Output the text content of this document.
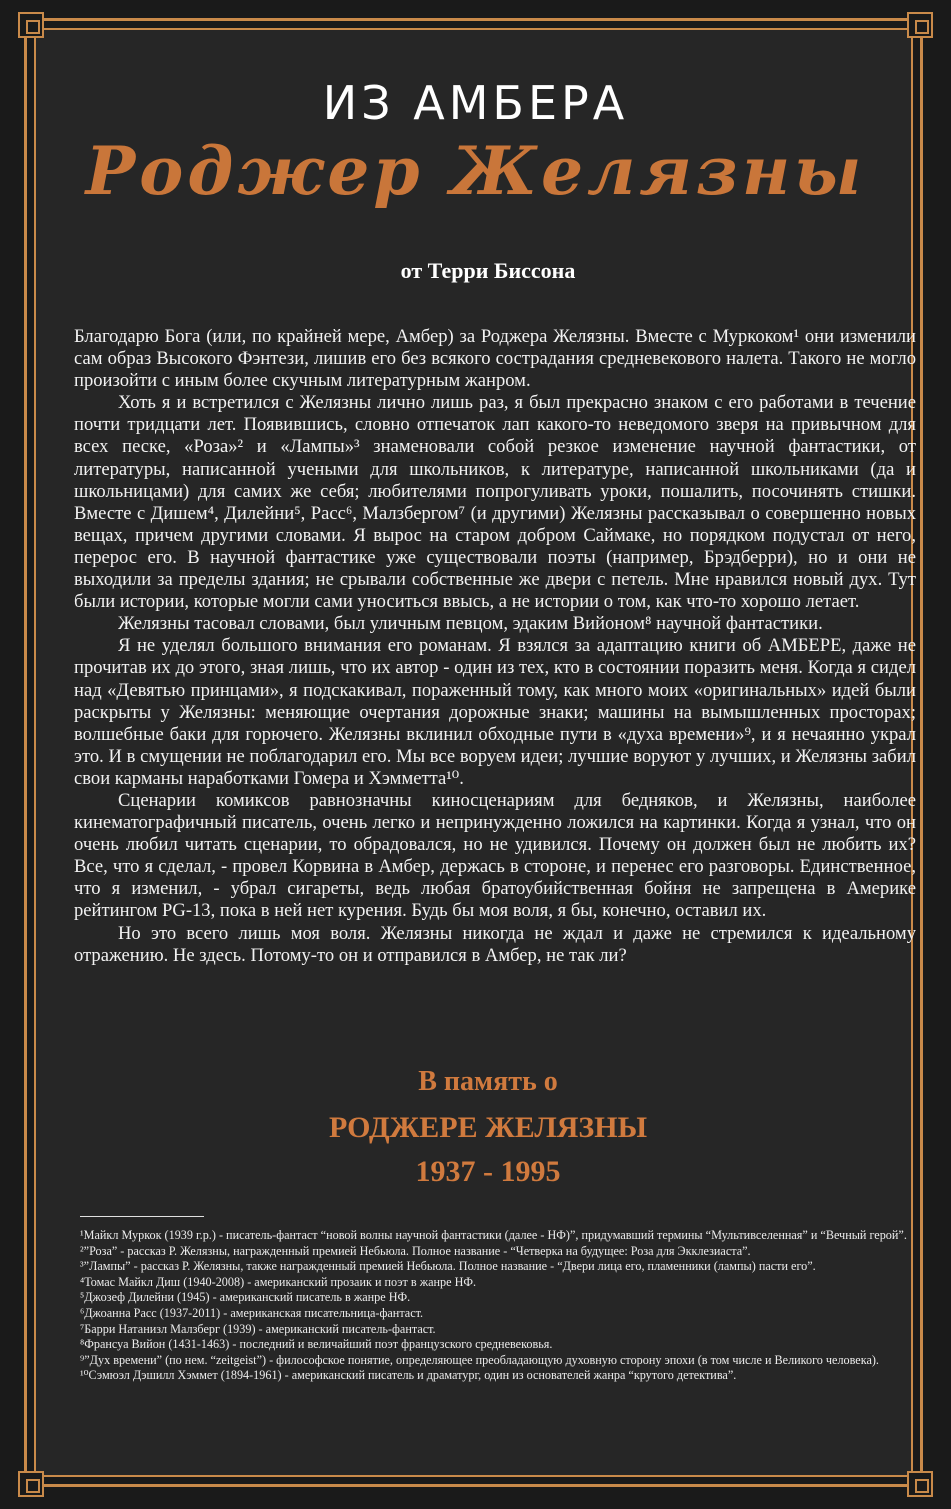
ИЗ АМБЕРА
Роджер Желязны
от Терри Биссона

Благодарю Бога (или, по крайней мере, Амбер) за Роджера Желязны. Вместе с Муркоком¹ они изменили сам образ Высокого Фэнтези, лишив его без всякого сострадания средневекового налета. Такого не могло произойти с иным более скучным литературным жанром.

Хоть я и встретился с Желязны лично лишь раз, я был прекрасно знаком с его работами в течение почти тридцати лет. Появившись, словно отпечаток лап какого-то неведомого зверя на привычном для всех песке, «Роза»² и «Лампы»³ знаменовали собой резкое изменение научной фантастики, от литературы, написанной учеными для школьников, к литературе, написанной школьниками (да и школьницами) для самих же себя; любителями попрогуливать уроки, пошалить, посочинять стишки. Вместе с Дишем⁴, Дилейни⁵, Расс⁶, Малзбергом⁷ (и другими) Желязны рассказывал о совершенно новых вещах, причем другими словами. Я вырос на старом добром Саймаке, но порядком подустал от него, перерос его. В научной фантастике уже существовали поэты (например, Брэдберри), но и они не выходили за пределы здания; не срывали собственные же двери с петель. Мне нравился новый дух. Тут были истории, которые могли сами уноситься ввысь, а не истории о том, как что-то хорошо летает.

Желязны тасовал словами, был уличным певцом, эдаким Вийоном⁸ научной фантастики.

Я не уделял большого внимания его романам. Я взялся за адаптацию книги об АМБЕРЕ, даже не прочитав их до этого, зная лишь, что их автор - один из тех, кто в состоянии поразить меня. Когда я сидел над «Девятью принцами», я подскакивал, пораженный тому, как много моих «оригинальных» идей были раскрыты у Желязны: меняющие очертания дорожные знаки; машины на вымышленных просторах; волшебные баки для горючего. Желязны вклинил обходные пути в «духа времени»⁹, и я нечаянно украл это. И в смущении не поблагодарил его. Мы все воруем идеи; лучшие воруют у лучших, и Желязны забил свои карманы наработками Гомера и Хэмметта¹⁰.

Сценарии комиксов равнозначны киносценариям для бедняков, и Желязны, наиболее кинематографичный писатель, очень легко и непринужденно ложился на картинки. Когда я узнал, что он очень любил читать сценарии, то обрадовался, но не удивился. Почему он должен был не любить их? Все, что я сделал, - провел Корвина в Амбер, держась в стороне, и перенес его разговоры. Единственное, что я изменил, - убрал сигареты, ведь любая братоубийственная бойня не запрещена в Америке рейтингом PG-13, пока в ней нет курения. Будь бы моя воля, я бы, конечно, оставил их.

Но это всего лишь моя воля. Желязны никогда не ждал и даже не стремился к идеальному отражению. Не здесь. Потому-то он и отправился в Амбер, не так ли?

В память о
РОДЖЕРЕ ЖЕЛЯЗНЫ
1937 - 1995

¹Майкл Муркок (1939 г.р.) - писатель-фантаст “новой волны научной фантастики (далее - НФ)”, придумавший термины “Мультивселенная” и “Вечный герой”.

²”Роза” - рассказ Р. Желязны, награжденный премией Небьюла. Полное название - “Четверка на будущее: Роза для Экклезиаста”.

³”Лампы” - рассказ Р. Желязны, также награжденный премией Небьюла. Полное название - “Двери лица его, пламенники (лампы) пасти его”.

⁴Томас Майкл Диш (1940-2008) - американский прозаик и поэт в жанре НФ.

⁵Джозеф Дилейни (1945) - американский писатель в жанре НФ.

⁶Джоанна Расс (1937-2011) - американская писательница-фантаст.

⁷Барри Натанизл Малзберг (1939) - американский писатель-фантаст.

⁸Франсуа Вийон (1431-1463) - последний и величайший поэт французского средневековья.

⁹”Дух времени” (по нем. “zeitgeist”) - философское понятие, определяющее преобладающую духовную сторону эпохи (в том числе и Великого человека).

¹⁰Сэмюэл Дэшилл Хэммет (1894-1961) - американский писатель и драматург, один из основателей жанра “крутого детектива”.
